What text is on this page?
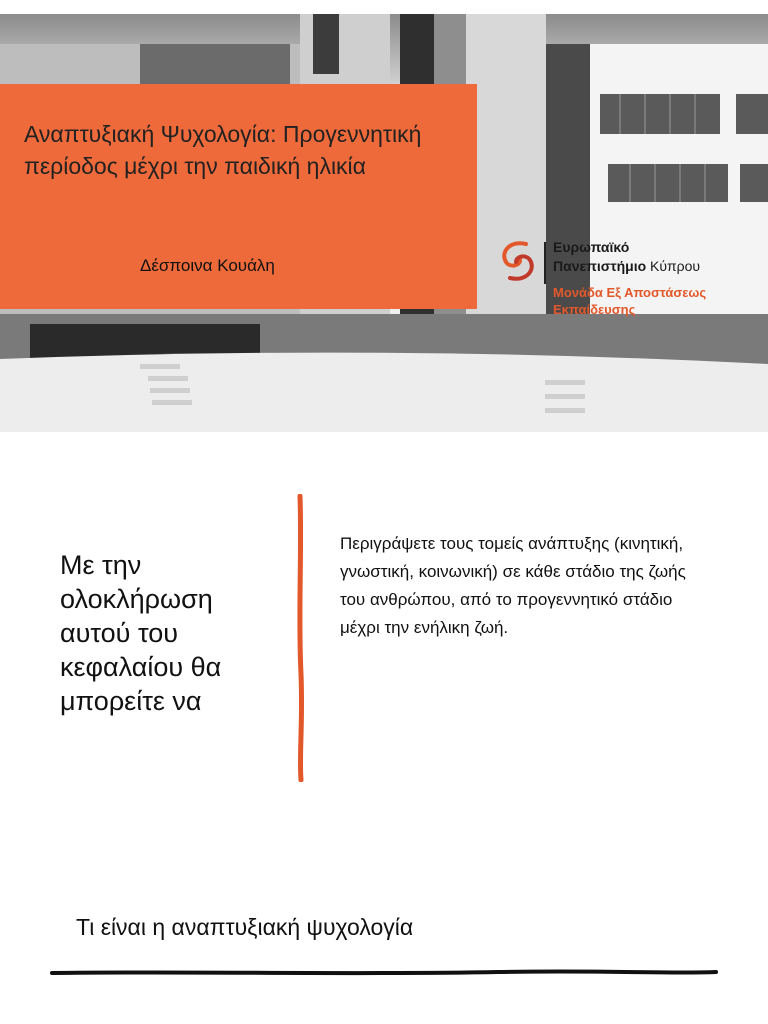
Αναπτυξιακή Ψυχολογία: Προγεννητική περίοδος μέχρι την παιδική ηλικία
Δέσποινα Κουάλη
Ευρωπαϊκό
Πανεπιστήμιο Κύπρου
Μονάδα Εξ Αποστάσεως
Εκπαίδευσης
Με την ολοκλήρωση αυτού του κεφαλαίου θα μπορείτε να

Περιγράψετε τους τομείς ανάπτυξης (κινητική, γνωστική, κοινωνική) σε κάθε στάδιο της ζωής του ανθρώπου, από το προγεννητικό στάδιο μέχρι την ενήλικη ζωή.

Τι είναι η αναπτυξιακή ψυχολογία
